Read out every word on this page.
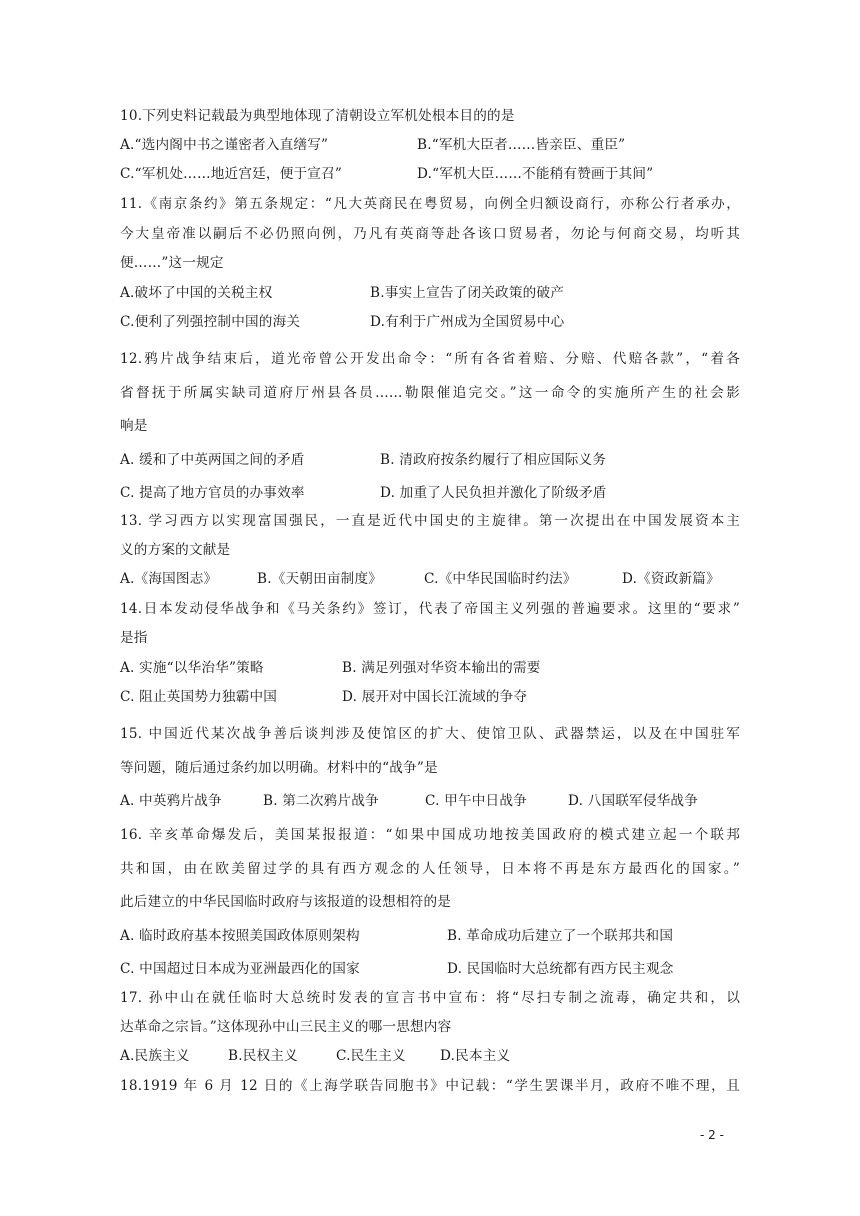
10.下列史料记载最为典型地体现了清朝设立军机处根本目的的是
A.“选内阁中书之谨密者入直缮写”	B.“军机大臣者……皆亲臣、重臣”
C.“军机处……地近宫廷，便于宣召”	D.“军机大臣……不能稍有赞画于其间”
11.《南京条约》第五条规定：“凡大英商民在粤贸易，向例全归额设商行，亦称公行者承办，
今大皇帝准以嗣后不必仍照向例，乃凡有英商等赴各该口贸易者，勿论与何商交易，均听其
便……”这一规定
A.破坏了中国的关税主权	B.事实上宣告了闭关政策的破产
C.便利了列强控制中国的海关	D.有利于广州成为全国贸易中心
12.鸦片战争结束后，道光帝曾公开发出命令：“所有各省着赔、分赔、代赔各款”，“着各
省督抚于所属实缺司道府厅州县各员……勒限催追完交。”这一命令的实施所产生的社会影
响是
A. 缓和了中英两国之间的矛盾	B. 清政府按条约履行了相应国际义务
C. 提高了地方官员的办事效率	D. 加重了人民负担并激化了阶级矛盾
13. 学习西方以实现富国强民，一直是近代中国史的主旋律。第一次提出在中国发展资本主
义的方案的文献是
A.《海国图志》	B.《天朝田亩制度》	C.《中华民国临时约法》	D.《资政新篇》
14.日本发动侵华战争和《马关条约》签订，代表了帝国主义列强的普遍要求。这里的“要求”
是指
A. 实施“以华治华”策略	B. 满足列强对华资本输出的需要
C. 阻止英国势力独霸中国	D. 展开对中国长江流域的争夺
15. 中国近代某次战争善后谈判涉及使馆区的扩大、使馆卫队、武器禁运，以及在中国驻军
等问题，随后通过条约加以明确。材料中的“战争”是
A. 中英鸦片战争	B. 第二次鸦片战争	C. 甲午中日战争	D. 八国联军侵华战争
16. 辛亥革命爆发后，美国某报报道：“如果中国成功地按美国政府的模式建立起一个联邦
共和国，由在欧美留过学的具有西方观念的人任领导，日本将不再是东方最西化的国家。”
此后建立的中华民国临时政府与该报道的设想相符的是
A. 临时政府基本按照美国政体原则架构	B. 革命成功后建立了一个联邦共和国
C. 中国超过日本成为亚洲最西化的国家	D. 民国临时大总统都有西方民主观念
17. 孙中山在就任临时大总统时发表的宣言书中宣布：将“尽扫专制之流毒，确定共和，以
达革命之宗旨。”这体现孙中山三民主义的哪一思想内容
A.民族主义	B.民权主义	C.民生主义	D.民本主义
18.1919 年 6 月 12 日的《上海学联告同胞书》中记载：“学生罢课半月，政府不唯不理，且
- 2 -
